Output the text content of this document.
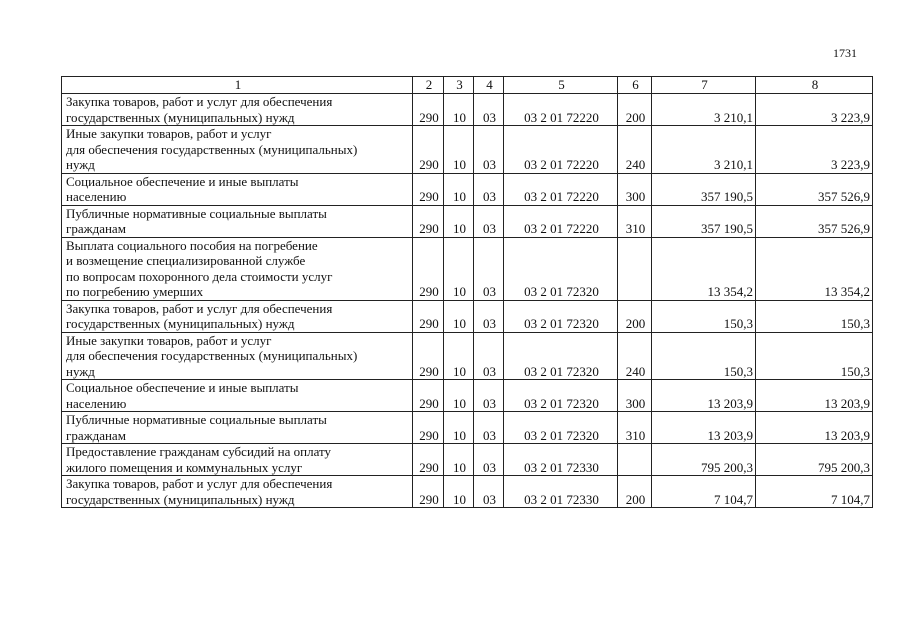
1731
1	2	3	4	5	6	7	8

Закупка товаров, работ и услуг для обеспечения
государственных (муниципальных) нужд	290	10	03	03 2 01 72220	200	3 210,1	3 223,9

Иные закупки товаров, работ и услуг
для обеспечения государственных (муниципальных)
нужд	290	10	03	03 2 01 72220	240	3 210,1	3 223,9

Социальное обеспечение и иные выплаты
населению	290	10	03	03 2 01 72220	300	357 190,5	357 526,9

Публичные нормативные социальные выплаты
гражданам	290	10	03	03 2 01 72220	310	357 190,5	357 526,9

Выплата социального пособия на погребение
и возмещение специализированной службе
по вопросам похоронного дела стоимости услуг
по погребению умерших	290	10	03	03 2 01 72320		13 354,2	13 354,2

Закупка товаров, работ и услуг для обеспечения
государственных (муниципальных) нужд	290	10	03	03 2 01 72320	200	150,3	150,3

Иные закупки товаров, работ и услуг
для обеспечения государственных (муниципальных)
нужд	290	10	03	03 2 01 72320	240	150,3	150,3

Социальное обеспечение и иные выплаты
населению	290	10	03	03 2 01 72320	300	13 203,9	13 203,9

Публичные нормативные социальные выплаты
гражданам	290	10	03	03 2 01 72320	310	13 203,9	13 203,9

Предоставление гражданам субсидий на оплату
жилого помещения и коммунальных услуг	290	10	03	03 2 01 72330		795 200,3	795 200,3

Закупка товаров, работ и услуг для обеспечения
государственных (муниципальных) нужд	290	10	03	03 2 01 72330	200	7 104,7	7 104,7
